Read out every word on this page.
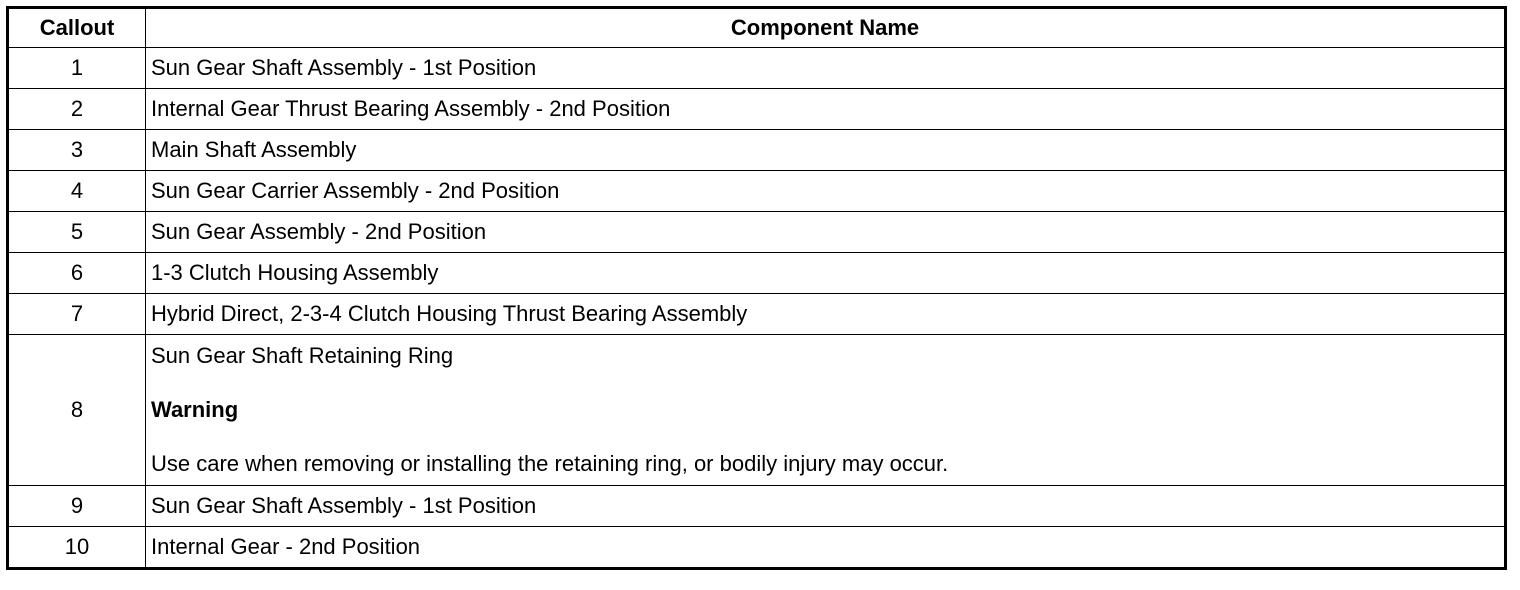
Callout	Component Name
1	Sun Gear Shaft Assembly - 1st Position
2	Internal Gear Thrust Bearing Assembly - 2nd Position
3	Main Shaft Assembly
4	Sun Gear Carrier Assembly - 2nd Position
5	Sun Gear Assembly - 2nd Position
6	1-3 Clutch Housing Assembly
7	Hybrid Direct, 2-3-4 Clutch Housing Thrust Bearing Assembly
8	Sun Gear Shaft Retaining Ring

Warning

Use care when removing or installing the retaining ring, or bodily injury may occur.

9	Sun Gear Shaft Assembly - 1st Position
10	Internal Gear - 2nd Position
